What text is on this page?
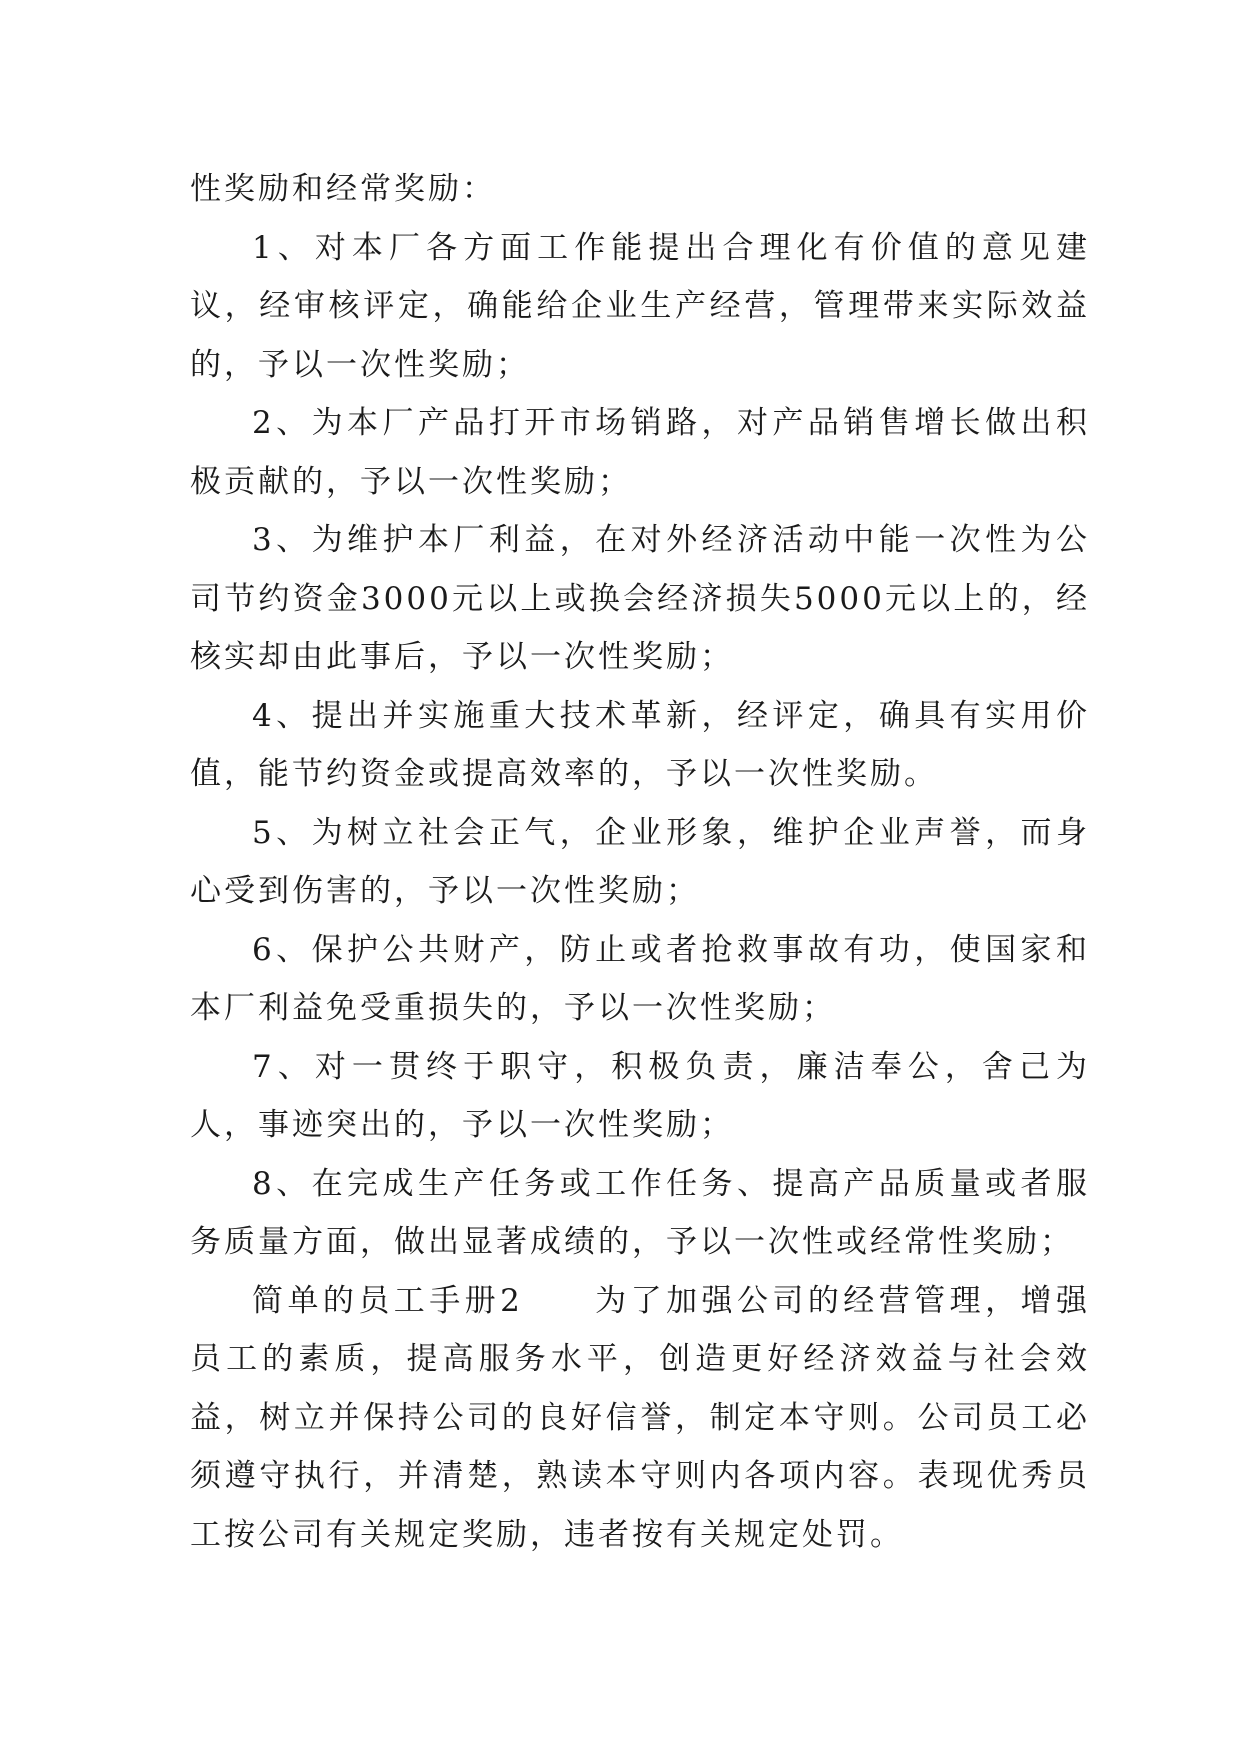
性奖励和经常奖励：

1、对本厂各方面工作能提出合理化有价值的意见建议，经审核评定，确能给企业生产经营，管理带来实际效益的，予以一次性奖励；

2、为本厂产品打开市场销路，对产品销售增长做出积极贡献的，予以一次性奖励；

3、为维护本厂利益，在对外经济活动中能一次性为公司节约资金3000元以上或换会经济损失5000元以上的，经核实却由此事后，予以一次性奖励；

4、提出并实施重大技术革新，经评定，确具有实用价值，能节约资金或提高效率的，予以一次性奖励。

5、为树立社会正气，企业形象，维护企业声誉，而身心受到伤害的，予以一次性奖励；

6、保护公共财产，防止或者抢救事故有功，使国家和本厂利益免受重损失的，予以一次性奖励；

7、对一贯终于职守，积极负责，廉洁奉公，舍己为人，事迹突出的，予以一次性奖励；

8、在完成生产任务或工作任务、提高产品质量或者服务质量方面，做出显著成绩的，予以一次性或经常性奖励；

简单的员工手册2　　为了加强公司的经营管理，增强员工的素质，提高服务水平，创造更好经济效益与社会效益，树立并保持公司的良好信誉，制定本守则。公司员工必须遵守执行，并清楚，熟读本守则内各项内容。表现优秀员工按公司有关规定奖励，违者按有关规定处罚。
